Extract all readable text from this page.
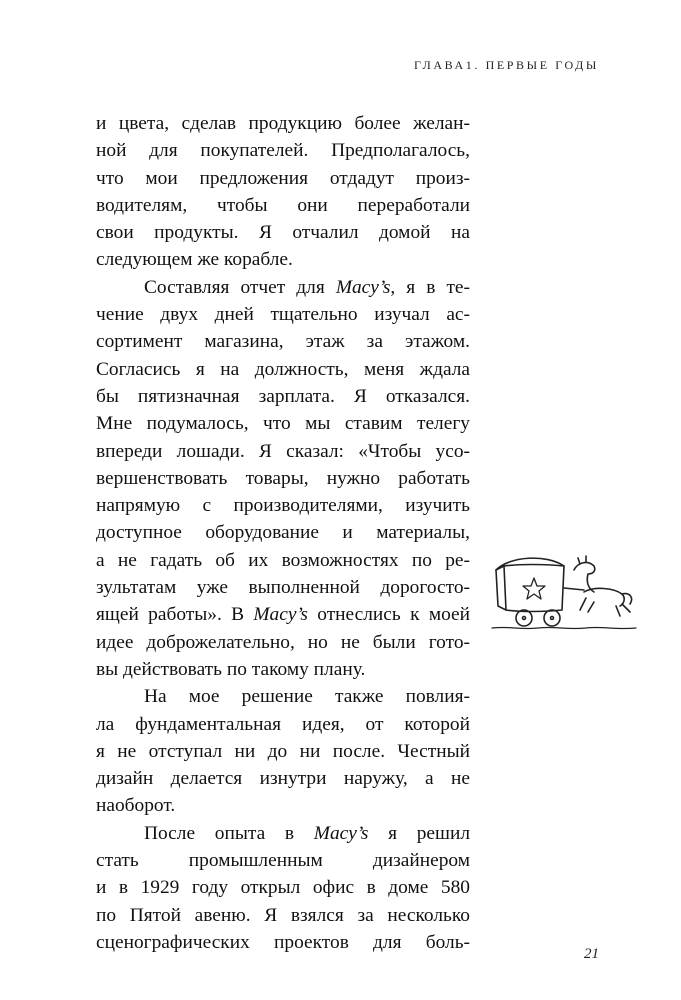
ГЛАВА1. ПЕРВЫЕ ГОДЫ
и цвета, сделав продукцию более желан-
ной для покупателей. Предполагалось,
что мои предложения отдадут произ-
водителям, чтобы они переработали
свои продукты. Я отчалил домой на
следующем же корабле.
Составляя отчет для Macy’s, я в те-
чение двух дней тщательно изучал ас-
сортимент магазина, этаж за этажом.
Согласись я на должность, меня ждала
бы пятизначная зарплата. Я отказался.
Мне подумалось, что мы ставим телегу
впереди лошади. Я сказал: «Чтобы усо-
вершенствовать товары, нужно работать
напрямую с производителями, изучить
доступное оборудование и материалы,
а не гадать об их возможностях по ре-
зультатам уже выполненной дорогосто-
ящей работы». В Macy’s отнеслись к моей
идее доброжелательно, но не были гото-
вы действовать по такому плану.
На мое решение также повлия-
ла фундаментальная идея, от которой
я не отступал ни до ни после. Честный
дизайн делается изнутри наружу, а не
наоборот.
После опыта в Macy’s я решил
стать промышленным дизайнером
и в 1929 году открыл офис в доме 580
по Пятой авеню. Я взялся за несколько
сценографических проектов для боль-
21
